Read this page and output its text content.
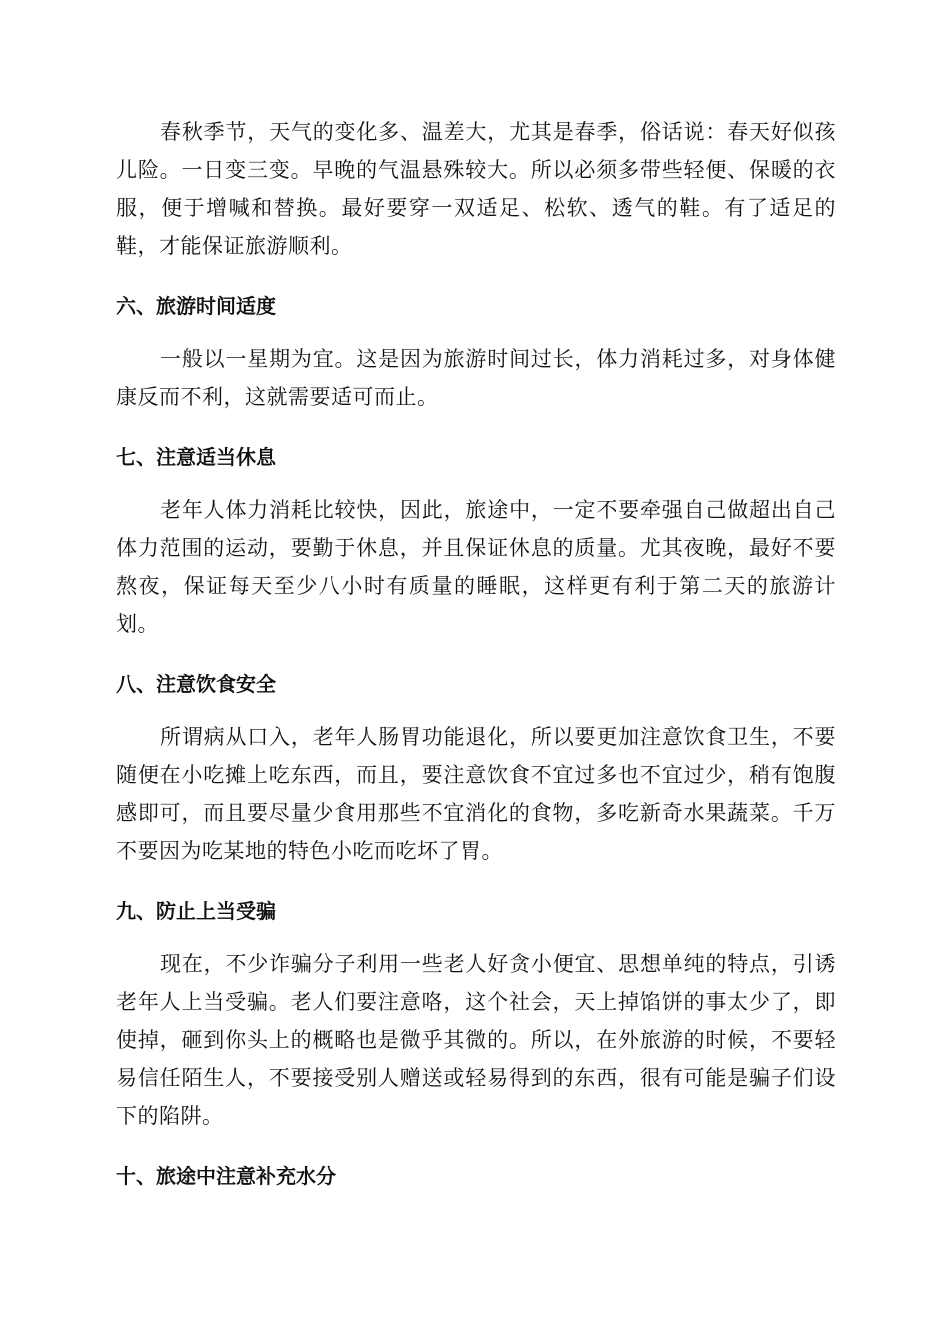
春秋季节，天气的变化多、温差大，尤其是春季，俗话说：春天好似孩儿险。一日变三变。早晚的气温悬殊较大。所以必须多带些轻便、保暖的衣服，便于增喊和替换。最好要穿一双适足、松软、透气的鞋。有了适足的鞋，才能保证旅游顺利。

六、旅游时间适度

一般以一星期为宜。这是因为旅游时间过长，体力消耗过多，对身体健康反而不利，这就需要适可而止。

七、注意适当休息

老年人体力消耗比较快，因此，旅途中，一定不要牵强自己做超出自己体力范围的运动，要勤于休息，并且保证休息的质量。尤其夜晚，最好不要熬夜，保证每天至少八小时有质量的睡眠，这样更有利于第二天的旅游计划。

八、注意饮食安全

所谓病从口入，老年人肠胃功能退化，所以要更加注意饮食卫生，不要随便在小吃摊上吃东西，而且，要注意饮食不宜过多也不宜过少，稍有饱腹感即可，而且要尽量少食用那些不宜消化的食物，多吃新奇水果蔬菜。千万不要因为吃某地的特色小吃而吃坏了胃。

九、防止上当受骗

现在，不少诈骗分子利用一些老人好贪小便宜、思想单纯的特点，引诱老年人上当受骗。老人们要注意咯，这个社会，天上掉馅饼的事太少了，即使掉，砸到你头上的概略也是微乎其微的。所以，在外旅游的时候，不要轻易信任陌生人，不要接受别人赠送或轻易得到的东西，很有可能是骗子们设下的陷阱。

十、旅途中注意补充水分
